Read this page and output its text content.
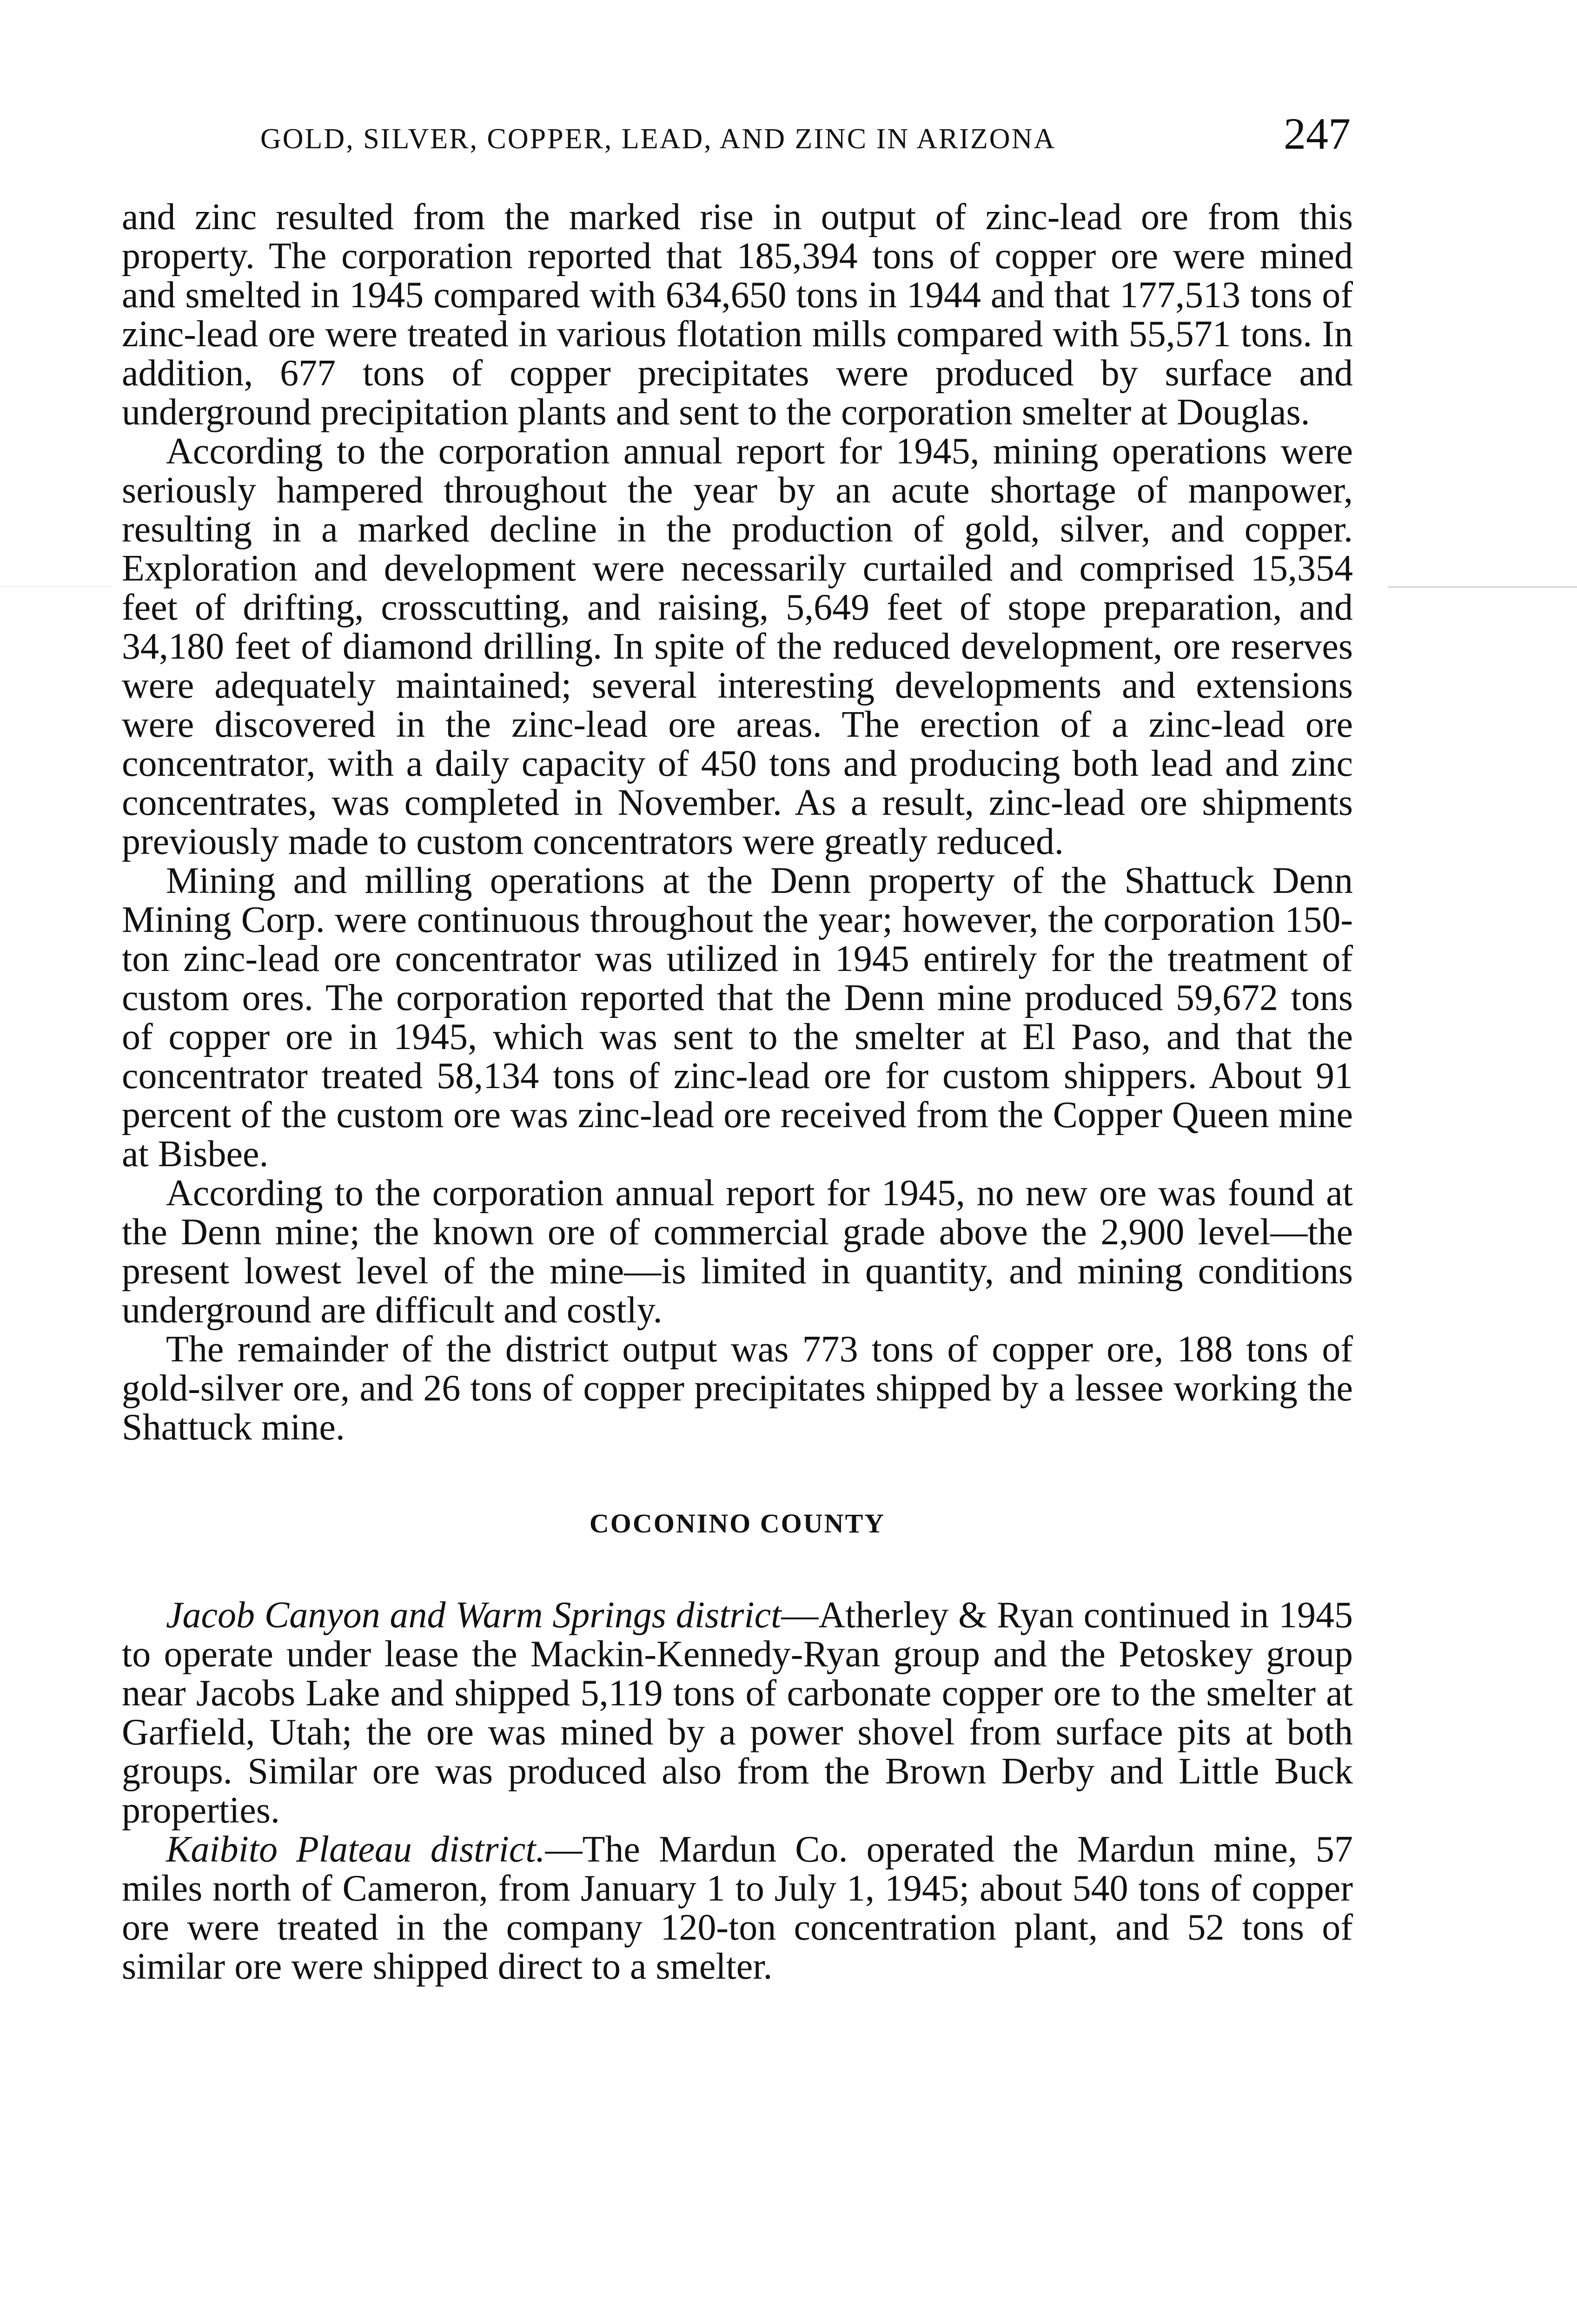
GOLD, SILVER, COPPER, LEAD, AND ZINC IN ARIZONA	247

and zinc resulted from the marked rise in output of zinc-lead ore from this property. The corporation reported that 185,394 tons of copper ore were mined and smelted in 1945 compared with 634,650 tons in 1944 and that 177,513 tons of zinc-lead ore were treated in various flotation mills compared with 55,571 tons. In addition, 677 tons of copper precipitates were produced by surface and underground precipitation plants and sent to the corporation smelter at Douglas.

According to the corporation annual report for 1945, mining operations were seriously hampered throughout the year by an acute shortage of manpower, resulting in a marked decline in the production of gold, silver, and copper. Exploration and development were necessarily curtailed and comprised 15,354 feet of drifting, crosscutting, and raising, 5,649 feet of stope preparation, and 34,180 feet of diamond drilling. In spite of the reduced development, ore reserves were adequately maintained; several interesting developments and extensions were discovered in the zinc-lead ore areas. The erection of a zinc-lead ore concentrator, with a daily capacity of 450 tons and producing both lead and zinc concentrates, was completed in November. As a result, zinc-lead ore shipments previously made to custom concentrators were greatly reduced.

Mining and milling operations at the Denn property of the Shattuck Denn Mining Corp. were continuous throughout the year; however, the corporation 150-ton zinc-lead ore concentrator was utilized in 1945 entirely for the treatment of custom ores. The corporation reported that the Denn mine produced 59,672 tons of copper ore in 1945, which was sent to the smelter at El Paso, and that the concentrator treated 58,134 tons of zinc-lead ore for custom shippers. About 91 percent of the custom ore was zinc-lead ore received from the Copper Queen mine at Bisbee.

According to the corporation annual report for 1945, no new ore was found at the Denn mine; the known ore of commercial grade above the 2,900 level—the present lowest level of the mine—is limited in quantity, and mining conditions underground are difficult and costly.

The remainder of the district output was 773 tons of copper ore, 188 tons of gold-silver ore, and 26 tons of copper precipitates shipped by a lessee working the Shattuck mine.

COCONINO COUNTY

Jacob Canyon and Warm Springs district—Atherley & Ryan continued in 1945 to operate under lease the Mackin-Kennedy-Ryan group and the Petoskey group near Jacobs Lake and shipped 5,119 tons of carbonate copper ore to the smelter at Garfield, Utah; the ore was mined by a power shovel from surface pits at both groups. Similar ore was produced also from the Brown Derby and Little Buck properties.

Kaibito Plateau district.—The Mardun Co. operated the Mardun mine, 57 miles north of Cameron, from January 1 to July 1, 1945; about 540 tons of copper ore were treated in the company 120-ton concentration plant, and 52 tons of similar ore were shipped direct to a smelter.
